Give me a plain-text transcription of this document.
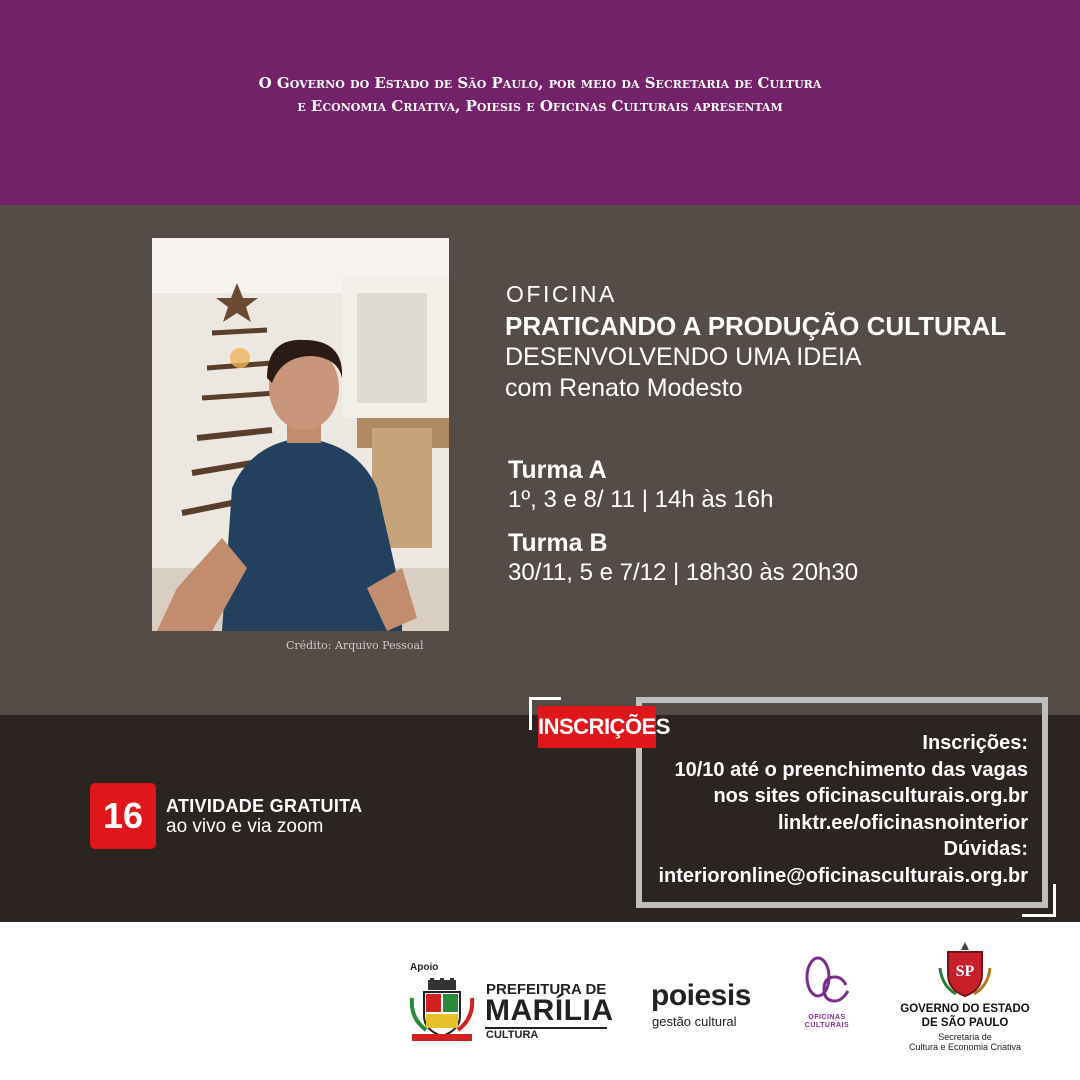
O Governo do Estado de São Paulo, por meio da Secretaria de Cultura
e Economia Criativa, Poiesis e Oficinas Culturais apresentam
Crédito: Arquivo Pessoal
OFICINA
PRATICANDO A PRODUÇÃO CULTURAL
DESENVOLVENDO UMA IDEIA
com Renato Modesto
Turma A
1º, 3 e 8/ 11 | 14h às 16h
Turma B
30/11, 5 e 7/12 | 18h30 às 20h30
16	ATIVIDADE GRATUITA
ao vivo e via zoom
INSCRIÇÕES
Inscrições:
10/10 até o preenchimento das vagas
nos sites oficinasculturais.org.br
linktr.ee/oficinasnointerior
Dúvidas:
interioronline@oficinasculturais.org.br
Apoio
PREFEITURA DE
MARÍLIA
CULTURA
poiesis
gestão cultural	OFICINAS
CULTURAIS
SP
GOVERNO DO ESTADO
DE SÃO PAULO
Secretaria de
Cultura e Economia Criativa
